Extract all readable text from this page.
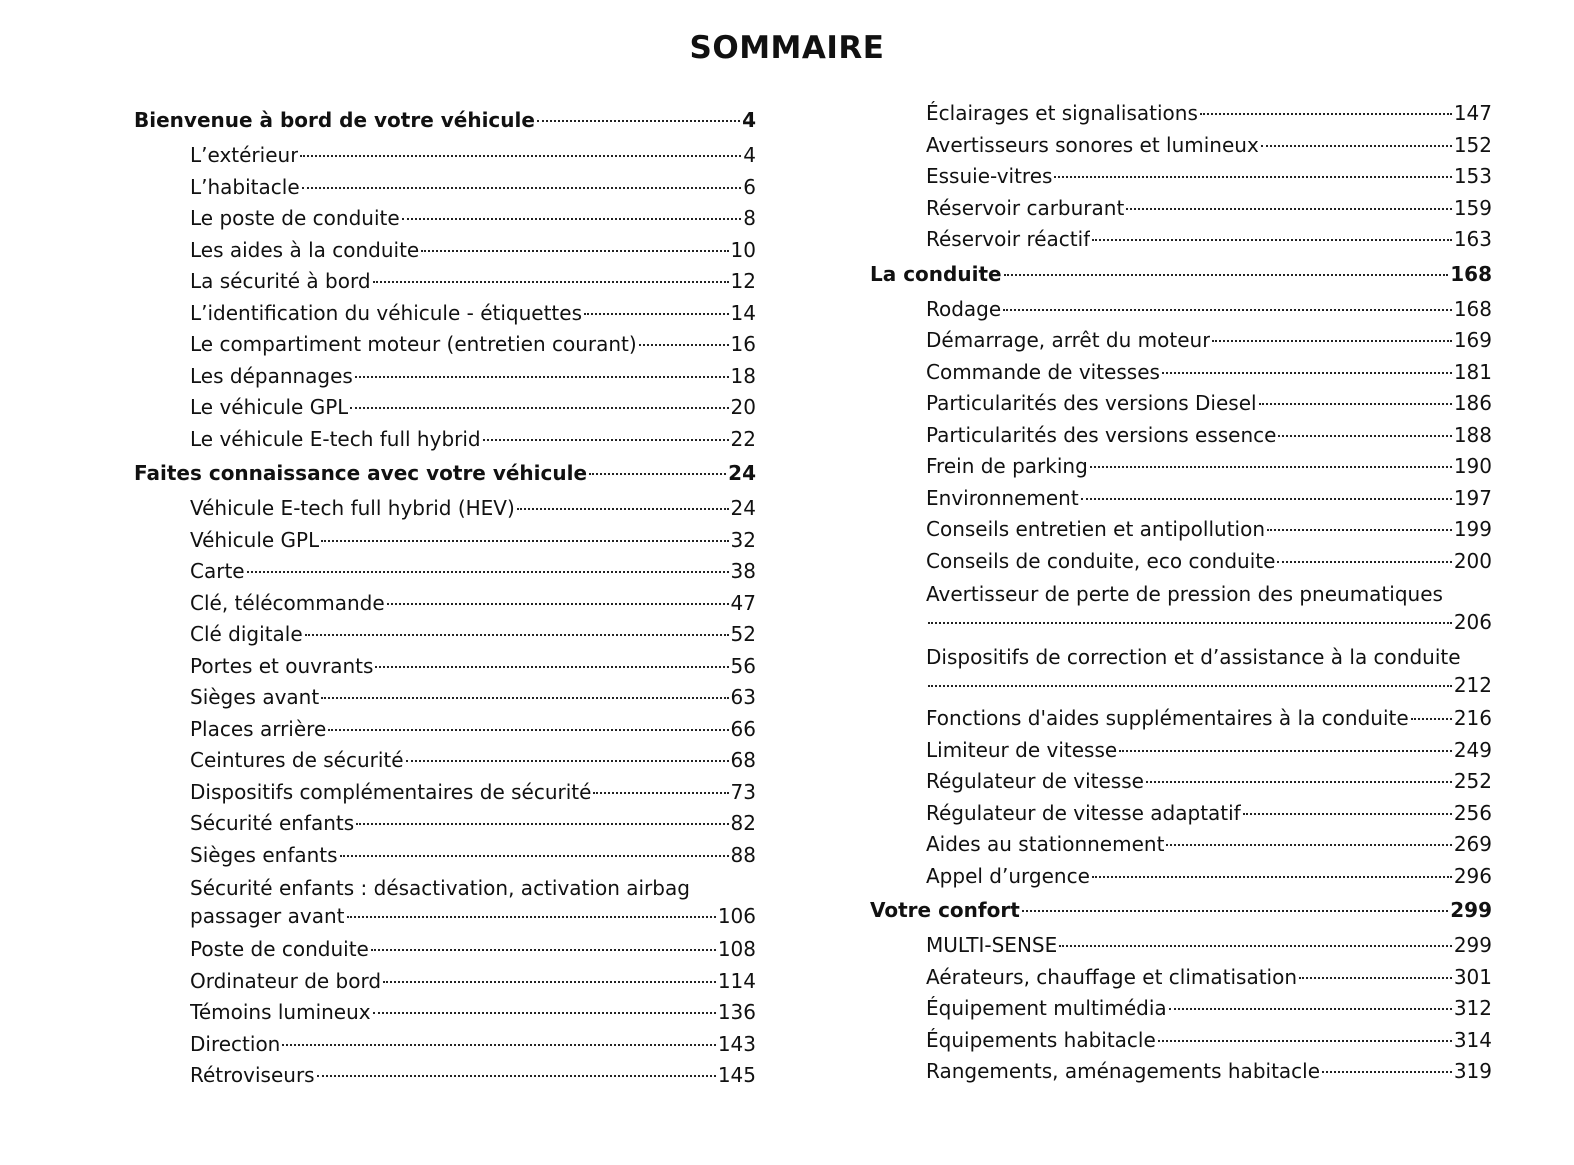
SOMMAIRE
Bienvenue à bord de votre véhicule	4
L’extérieur	4
L’habitacle	6
Le poste de conduite	8
Les aides à la conduite	10
La sécurité à bord	12
L’identification du véhicule - étiquettes	14
Le compartiment moteur (entretien courant)	16
Les dépannages	18
Le véhicule GPL	20
Le véhicule E-tech full hybrid	22
Faites connaissance avec votre véhicule	24
Véhicule E-tech full hybrid (HEV)	24
Véhicule GPL	32
Carte	38
Clé, télécommande	47
Clé digitale	52
Portes et ouvrants	56
Sièges avant	63
Places arrière	66
Ceintures de sécurité	68
Dispositifs complémentaires de sécurité	73
Sécurité enfants	82
Sièges enfants	88
Sécurité enfants : désactivation, activation airbag
passager avant	106
Poste de conduite	108
Ordinateur de bord	114
Témoins lumineux	136
Direction	143
Rétroviseurs	145
Éclairages et signalisations	147
Avertisseurs sonores et lumineux	152
Essuie-vitres	153
Réservoir carburant	159
Réservoir réactif	163
La conduite	168
Rodage	168
Démarrage, arrêt du moteur	169
Commande de vitesses	181
Particularités des versions Diesel	186
Particularités des versions essence	188
Frein de parking	190
Environnement	197
Conseils entretien et antipollution	199
Conseils de conduite, eco conduite	200
Avertisseur de perte de pression des pneumatiques
206
Dispositifs de correction et d’assistance à la conduite
212
Fonctions d'aides supplémentaires à la conduite 216
Limiteur de vitesse	249
Régulateur de vitesse	252
Régulateur de vitesse adaptatif	256
Aides au stationnement	269
Appel d’urgence	296
Votre confort	299
MULTI-SENSE	299
Aérateurs, chauffage et climatisation	301
Équipement multimédia	312
Équipements habitacle	314
Rangements, aménagements habitacle	319
